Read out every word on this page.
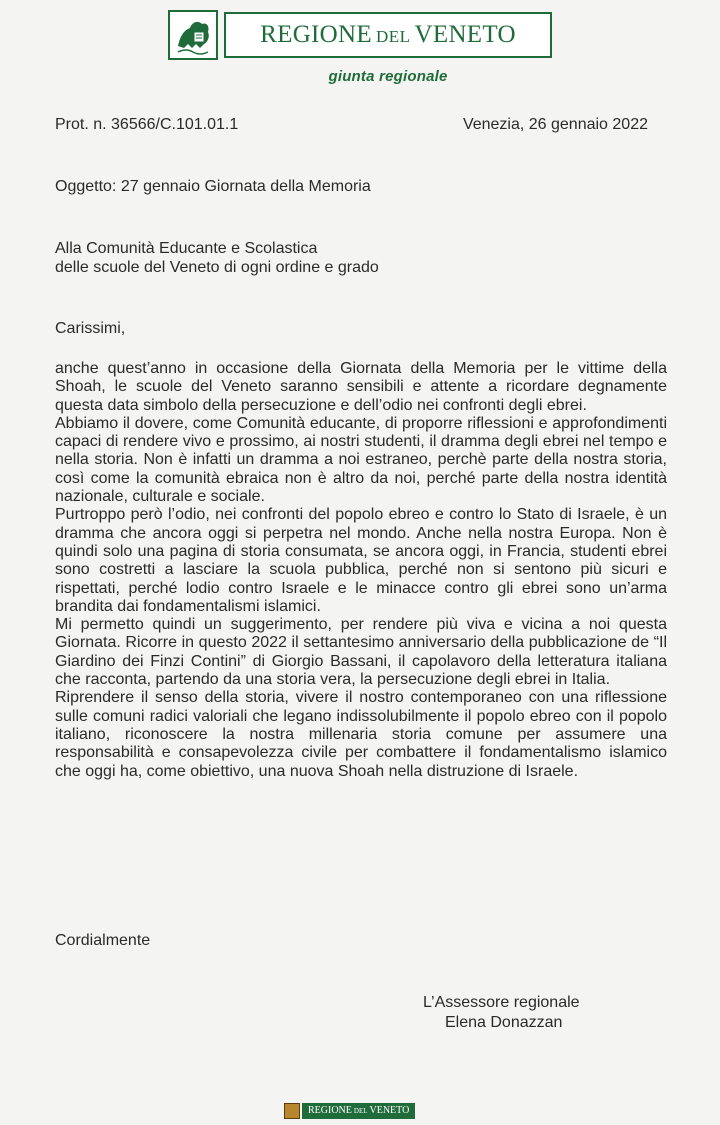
REGIONE DEL VENETO
giunta regionale
Prot. n. 36566/C.101.01.1	Venezia, 26 gennaio 2022
Oggetto: 27 gennaio Giornata della Memoria
Alla Comunità Educante e Scolastica
delle scuole del Veneto di ogni ordine e grado
Carissimi,

anche quest’anno in occasione della Giornata della Memoria per le vittime della Shoah, le scuole del Veneto saranno sensibili e attente a ricordare degnamente questa data simbolo della persecuzione e dell’odio nei confronti degli ebrei.

Abbiamo il dovere, come Comunità educante, di proporre riflessioni e approfondimenti capaci di rendere vivo e prossimo, ai nostri studenti, il dramma degli ebrei nel tempo e nella storia. Non è infatti un dramma a noi estraneo, perchè parte della nostra storia, così come la comunità ebraica non è altro da noi, perché parte della nostra identità nazionale, culturale e sociale.

Purtroppo però l’odio, nei confronti del popolo ebreo e contro lo Stato di Israele, è un dramma che ancora oggi si perpetra nel mondo. Anche nella nostra Europa. Non è quindi solo una pagina di storia consumata, se ancora oggi, in Francia, studenti ebrei sono costretti a lasciare la scuola pubblica, perché non si sentono più sicuri e rispettati, perché lodio contro Israele e le minacce contro gli ebrei sono un’arma brandita dai fondamentalismi islamici.

Mi permetto quindi un suggerimento, per rendere più viva e vicina a noi questa Giornata. Ricorre in questo 2022 il settantesimo anniversario della pubblicazione de “Il Giardino dei Finzi Contini” di Giorgio Bassani, il capolavoro della letteratura italiana che racconta, partendo da una storia vera, la persecuzione degli ebrei in Italia.

Riprendere il senso della storia, vivere il nostro contemporaneo con una riflessione sulle comuni radici valoriali che legano indissolubilmente il popolo ebreo con il popolo italiano, riconoscere la nostra millenaria storia comune per assumere una responsabilità e consapevolezza civile per combattere il fondamentalismo islamico che oggi ha, come obiettivo, una nuova Shoah nella distruzione di Israele.

Cordialmente
L’Assessore regionale
Elena Donazzan
REGIONE DEL VENETO
